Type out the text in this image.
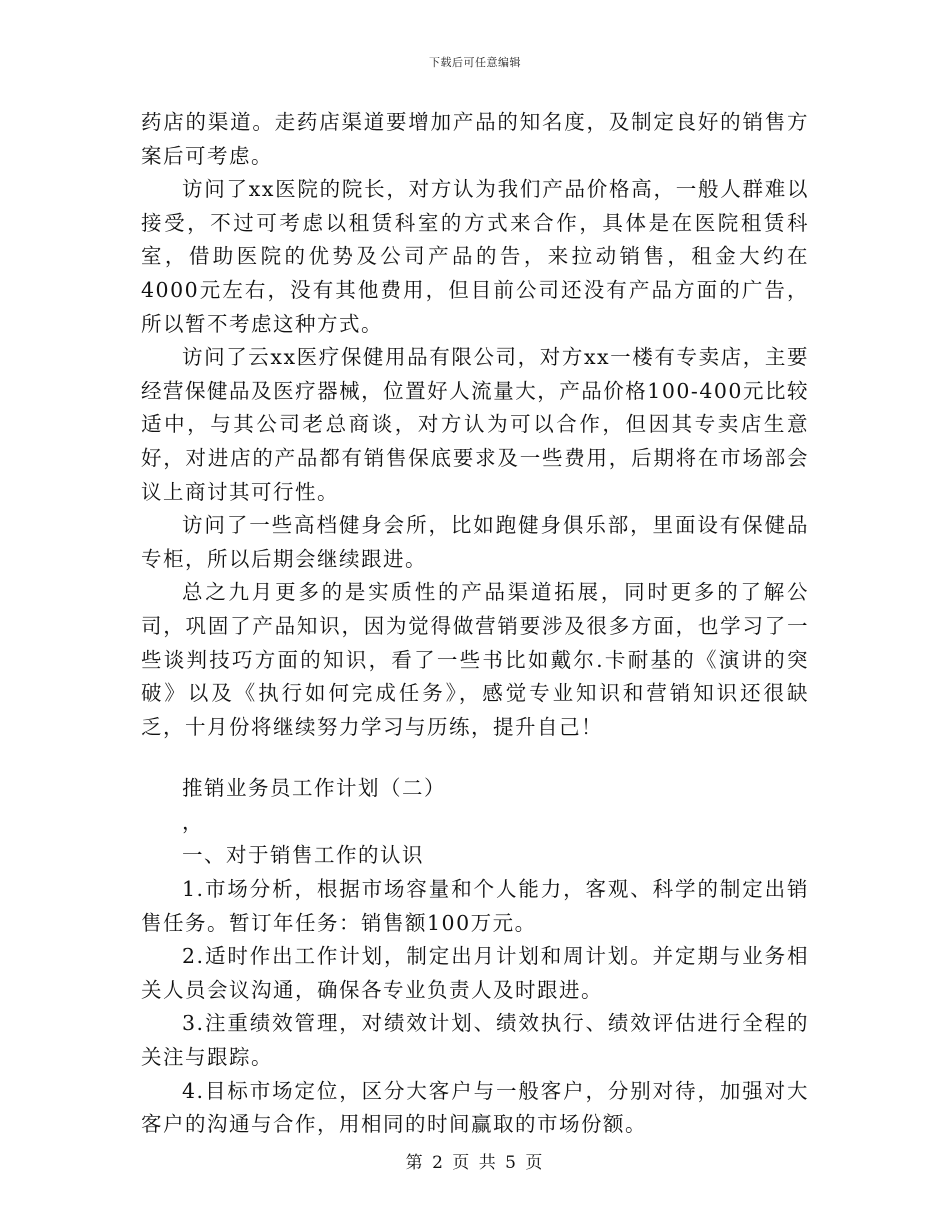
下载后可任意编辑

药店的渠道。走药店渠道要增加产品的知名度，及制定良好的销售方案后可考虑。

访问了xx医院的院长，对方认为我们产品价格高，一般人群难以接受，不过可考虑以租赁科室的方式来合作，具体是在医院租赁科室，借助医院的优势及公司产品的告，来拉动销售，租金大约在4000元左右，没有其他费用，但目前公司还没有产品方面的广告，所以暂不考虑这种方式。

访问了云xx医疗保健用品有限公司，对方xx一楼有专卖店，主要经营保健品及医疗器械，位置好人流量大，产品价格100-400元比较适中，与其公司老总商谈，对方认为可以合作，但因其专卖店生意好，对进店的产品都有销售保底要求及一些费用，后期将在市场部会议上商讨其可行性。

访问了一些高档健身会所，比如跑健身俱乐部，里面设有保健品专柜，所以后期会继续跟进。

总之九月更多的是实质性的产品渠道拓展，同时更多的了解公司，巩固了产品知识，因为觉得做营销要涉及很多方面，也学习了一些谈判技巧方面的知识，看了一些书比如戴尔.卡耐基的《演讲的突破》以及《执行如何完成任务》，感觉专业知识和营销知识还很缺乏，十月份将继续努力学习与历练，提升自己！

推销业务员工作计划（二）

，

一、对于销售工作的认识

1.市场分析，根据市场容量和个人能力，客观、科学的制定出销售任务。暂订年任务：销售额100万元。

2.适时作出工作计划，制定出月计划和周计划。并定期与业务相关人员会议沟通，确保各专业负责人及时跟进。

3.注重绩效管理，对绩效计划、绩效执行、绩效评估进行全程的关注与跟踪。

4.目标市场定位，区分大客户与一般客户，分别对待，加强对大客户的沟通与合作，用相同的时间赢取的市场份额。

第 2 页 共 5 页
